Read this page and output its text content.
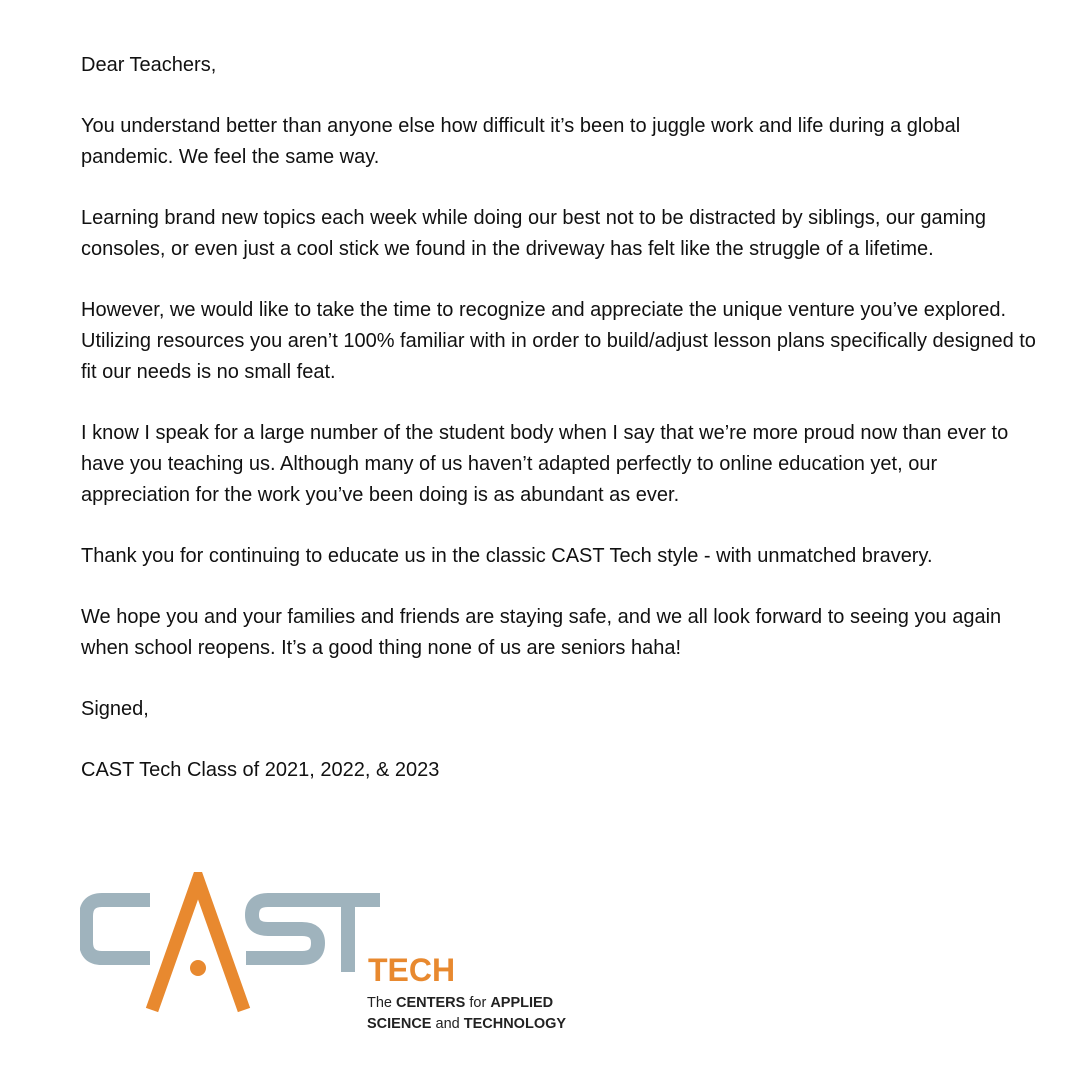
Dear Teachers,

You understand better than anyone else how difficult it’s been to juggle work and life during a global pandemic. We feel the same way.

Learning brand new topics each week while doing our best not to be distracted by siblings, our gaming consoles, or even just a cool stick we found in the driveway has felt like the struggle of a lifetime.

However, we would like to take the time to recognize and appreciate the unique venture you’ve explored. Utilizing resources you aren’t 100% familiar with in order to build/adjust lesson plans specifically designed to fit our needs is no small feat.

I know I speak for a large number of the student body when I say that we’re more proud now than ever to have you teaching us. Although many of us haven’t adapted perfectly to online education yet, our appreciation for the work you’ve been doing is as abundant as ever.

Thank you for continuing to educate us in the classic CAST Tech style - with unmatched bravery.

We hope you and your families and friends are staying safe, and we all look forward to seeing you again when school reopens. It’s a good thing none of us are seniors haha!

Signed,

CAST Tech Class of 2021, 2022, & 2023

TECH
The CENTERS for APPLIED
SCIENCE and TECHNOLOGY
